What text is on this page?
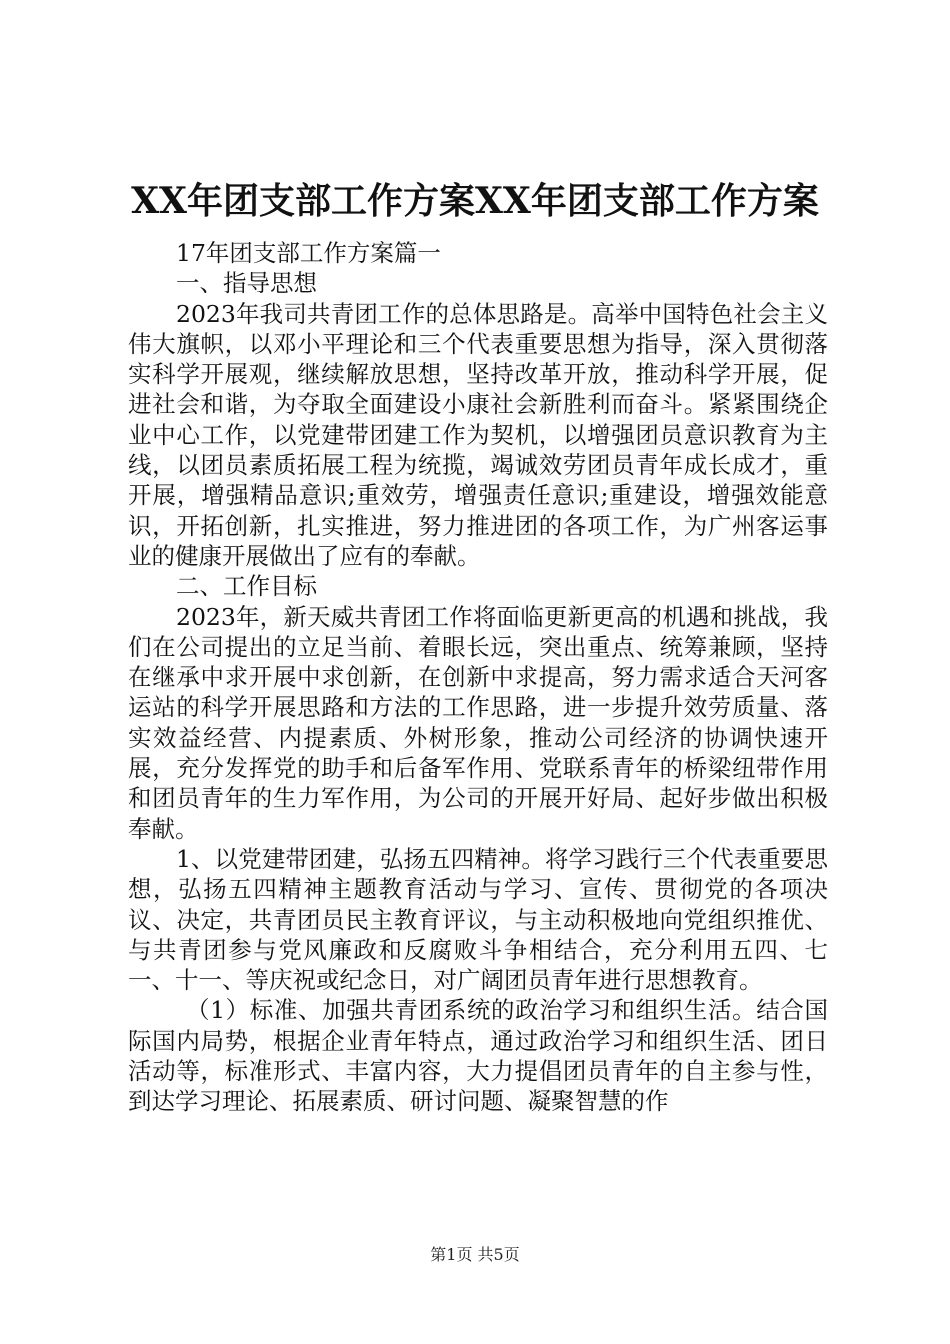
XX年团支部工作方案XX年团支部工作方案

17年团支部工作方案篇一

一、指导思想

2023年我司共青团工作的总体思路是。高举中国特色社会主义伟大旗帜，以邓小平理论和三个代表重要思想为指导，深入贯彻落实科学开展观，继续解放思想，坚持改革开放，推动科学开展，促进社会和谐，为夺取全面建设小康社会新胜利而奋斗。紧紧围绕企业中心工作，以党建带团建工作为契机，以增强团员意识教育为主线，以团员素质拓展工程为统揽，竭诚效劳团员青年成长成才，重开展，增强精品意识;重效劳，增强责任意识;重建设，增强效能意识，开拓创新，扎实推进，努力推进团的各项工作，为广州客运事业的健康开展做出了应有的奉献。

二、工作目标

2023年，新天威共青团工作将面临更新更高的机遇和挑战，我们在公司提出的立足当前、着眼长远，突出重点、统筹兼顾，坚持在继承中求开展中求创新，在创新中求提高，努力需求适合天河客运站的科学开展思路和方法的工作思路，进一步提升效劳质量、落实效益经营、内提素质、外树形象，推动公司经济的协调快速开展，充分发挥党的助手和后备军作用、党联系青年的桥梁纽带作用和团员青年的生力军作用，为公司的开展开好局、起好步做出积极奉献。

1、以党建带团建，弘扬五四精神。将学习践行三个代表重要思想，弘扬五四精神主题教育活动与学习、宣传、贯彻党的各项决议、决定，共青团员民主教育评议，与主动积极地向党组织推优、与共青团参与党风廉政和反腐败斗争相结合，充分利用五四、七一、十一、等庆祝或纪念日，对广阔团员青年进行思想教育。

（1）标准、加强共青团系统的政治学习和组织生活。结合国际国内局势，根据企业青年特点，通过政治学习和组织生活、团日活动等，标准形式、丰富内容，大力提倡团员青年的自主参与性，到达学习理论、拓展素质、研讨问题、凝聚智慧的作

第1页 共5页
